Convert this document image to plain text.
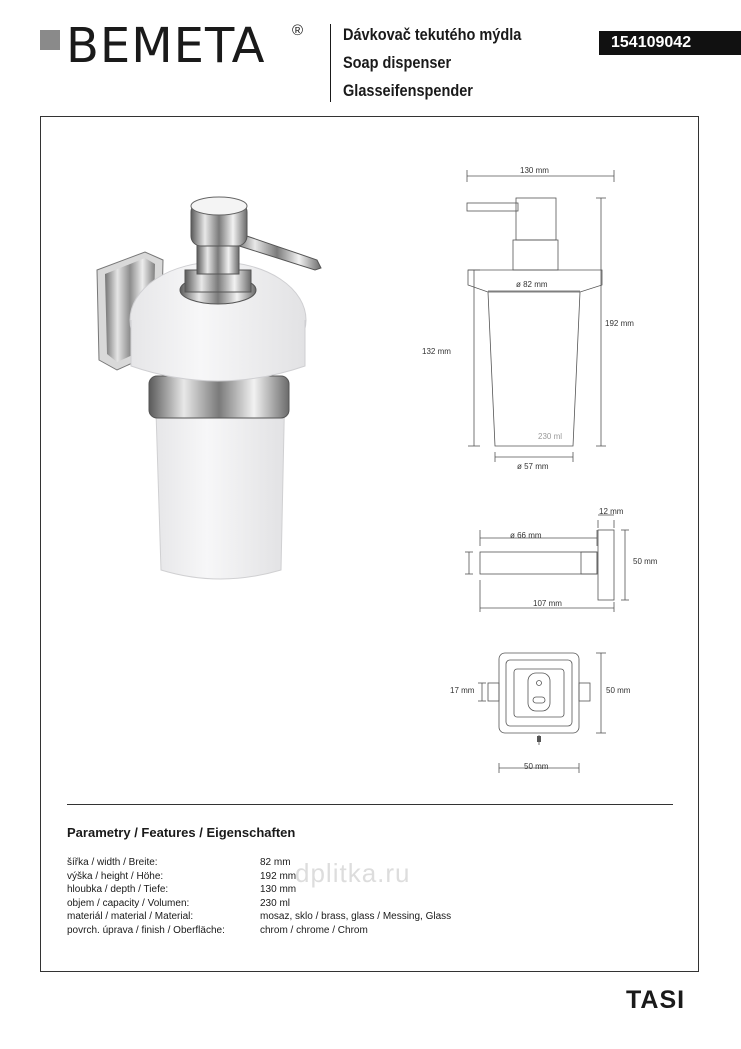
BEMETA ® Dávkovač tekutého mýdla
Soap dispenser
Glasseifenspender
154109042
130 mm
ø 82 mm
192 mm
132 mm
230 ml
ø 57 mm
ø 66 mm
12 mm
50 mm
107 mm
17 mm	50 mm
50 mm
Parametry / Features / Eigenschaften
šířka / width / Breite:	82 mm
výška / height / Höhe:	192 mm
hloubka / depth / Tiefe:	130 mm
objem / capacity / Volumen:	230 ml
materiál / material / Material:	mosaz, sklo / brass, glass / Messing, Glass
povrch. úprava / finish / Oberfläche:	chrom / chrome / Chrom
dplitka.ru
TASI
